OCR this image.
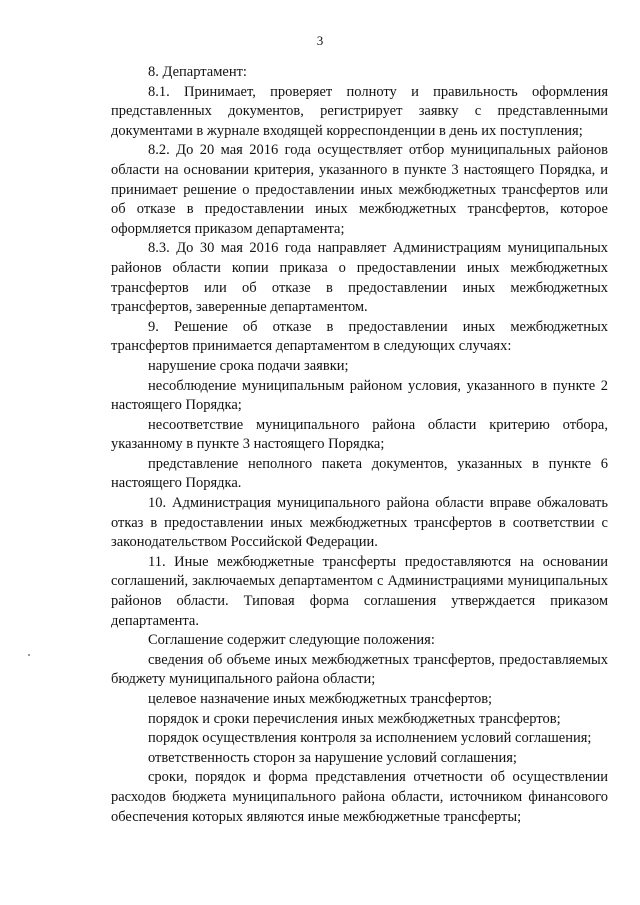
3

8. Департамент:

8.1. Принимает, проверяет полноту и правильность оформления представленных документов, регистрирует заявку с представленными документами в журнале входящей корреспонденции в день их поступления;

8.2. До 20 мая 2016 года осуществляет отбор муниципальных районов области на основании критерия, указанного в пункте 3 настоящего Порядка, и принимает решение о предоставлении иных межбюджетных трансфертов или об отказе в предоставлении иных межбюджетных трансфертов, которое оформляется приказом департамента;

8.3. До 30 мая 2016 года направляет Администрациям муниципальных районов области копии приказа о предоставлении иных межбюджетных трансфертов или об отказе в предоставлении иных межбюджетных трансфертов, заверенные департаментом.

9. Решение об отказе в предоставлении иных межбюджетных трансфертов принимается департаментом в следующих случаях:

нарушение срока подачи заявки;

несоблюдение муниципальным районом условия, указанного в пункте 2 настоящего Порядка;

несоответствие муниципального района области критерию отбора, указанному в пункте 3 настоящего Порядка;

представление неполного пакета документов, указанных в пункте 6 настоящего Порядка.

10. Администрация муниципального района области вправе обжаловать отказ в предоставлении иных межбюджетных трансфертов в соответствии с законодательством Российской Федерации.

11. Иные межбюджетные трансферты предоставляются на основании соглашений, заключаемых департаментом с Администрациями муниципальных районов области. Типовая форма соглашения утверждается приказом департамента.

Соглашение содержит следующие положения:

сведения об объеме иных межбюджетных трансфертов, предоставляемых бюджету муниципального района области;

целевое назначение иных межбюджетных трансфертов;

порядок и сроки перечисления иных межбюджетных трансфертов;

порядок осуществления контроля за исполнением условий соглашения;

ответственность сторон за нарушение условий соглашения;

сроки, порядок и форма представления отчетности об осуществлении расходов бюджета муниципального района области, источником финансового обеспечения которых являются иные межбюджетные трансферты;
